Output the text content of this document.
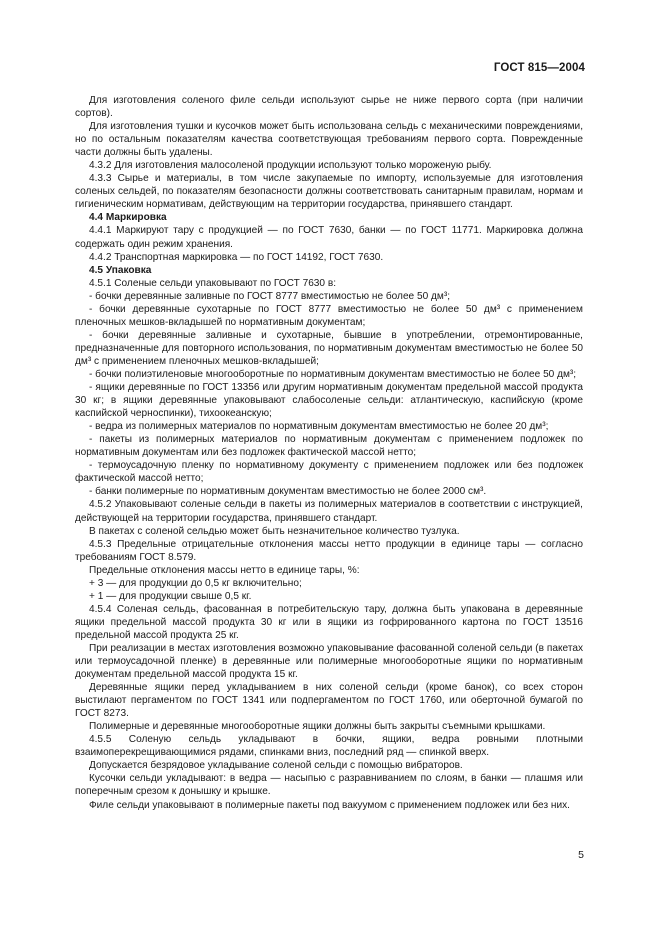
ГОСТ 815—2004

Для изготовления соленого филе сельди используют сырье не ниже первого сорта (при наличии сортов).

Для изготовления тушки и кусочков может быть использована сельдь с механическими повреждениями, но по остальным показателям качества соответствующая требованиям первого сорта. Поврежденные части должны быть удалены.

4.3.2 Для изготовления малосоленой продукции используют только мороженую рыбу.

4.3.3 Сырье и материалы, в том числе закупаемые по импорту, используемые для изготовления соленых сельдей, по показателям безопасности должны соответствовать санитарным правилам, нормам и гигиеническим нормативам, действующим на территории государства, принявшего стандарт.

4.4 Маркировка

4.4.1 Маркируют тару с продукцией — по ГОСТ 7630, банки — по ГОСТ 11771. Маркировка должна содержать один режим хранения.

4.4.2 Транспортная маркировка — по ГОСТ 14192, ГОСТ 7630.

4.5 Упаковка

4.5.1 Соленые сельди упаковывают по ГОСТ 7630 в:

- бочки деревянные заливные по ГОСТ 8777 вместимостью не более 50 дм³;

- бочки деревянные сухотарные по ГОСТ 8777 вместимостью не более 50 дм³ с применением пленочных мешков-вкладышей по нормативным документам;

- бочки деревянные заливные и сухотарные, бывшие в употреблении, отремонтированные, предназначенные для повторного использования, по нормативным документам вместимостью не более 50 дм³ с применением пленочных мешков-вкладышей;

- бочки полиэтиленовые многооборотные по нормативным документам вместимостью не более 50 дм³;

- ящики деревянные по ГОСТ 13356 или другим нормативным документам предельной массой продукта 30 кг; в ящики деревянные упаковывают слабосоленые сельди: атлантическую, каспийскую (кроме каспийской черноспинки), тихоокеанскую;

- ведра из полимерных материалов по нормативным документам вместимостью не более 20 дм³;

- пакеты из полимерных материалов по нормативным документам с применением подложек по нормативным документам или без подложек фактической массой нетто;

- термоусадочную пленку по нормативному документу с применением подложек или без подложек фактической массой нетто;

- банки полимерные по нормативным документам вместимостью не более 2000 см³.

4.5.2 Упаковывают соленые сельди в пакеты из полимерных материалов в соответствии с инструкцией, действующей на территории государства, принявшего стандарт.

В пакетах с соленой сельдью может быть незначительное количество тузлука.

4.5.3 Предельные отрицательные отклонения массы нетто продукции в единице тары — согласно требованиям ГОСТ 8.579.

Предельные отклонения массы нетто в единице тары, %:

+ 3 — для продукции до 0,5 кг включительно;

+ 1 — для продукции свыше 0,5 кг.

4.5.4 Соленая сельдь, фасованная в потребительскую тару, должна быть упакована в деревянные ящики предельной массой продукта 30 кг или в ящики из гофрированного картона по ГОСТ 13516 предельной массой продукта 25 кг.

При реализации в местах изготовления возможно упаковывание фасованной соленой сельди (в пакетах или термоусадочной пленке) в деревянные или полимерные многооборотные ящики по нормативным документам предельной массой продукта 15 кг.

Деревянные ящики перед укладыванием в них соленой сельди (кроме банок), со всех сторон выстилают пергаментом по ГОСТ 1341 или подпергаментом по ГОСТ 1760, или оберточной бумагой по ГОСТ 8273.

Полимерные и деревянные многооборотные ящики должны быть закрыты съемными крышками.

4.5.5 Соленую сельдь укладывают в бочки, ящики, ведра ровными плотными взаимоперекрещивающимися рядами, спинками вниз, последний ряд — спинкой вверх.

Допускается безрядовое укладывание соленой сельди с помощью вибраторов.

Кусочки сельди укладывают: в ведра — насыпью с разравниванием по слоям, в банки — плашмя или поперечным срезом к донышку и крышке.

Филе сельди упаковывают в полимерные пакеты под вакуумом с применением подложек или без них.

5
